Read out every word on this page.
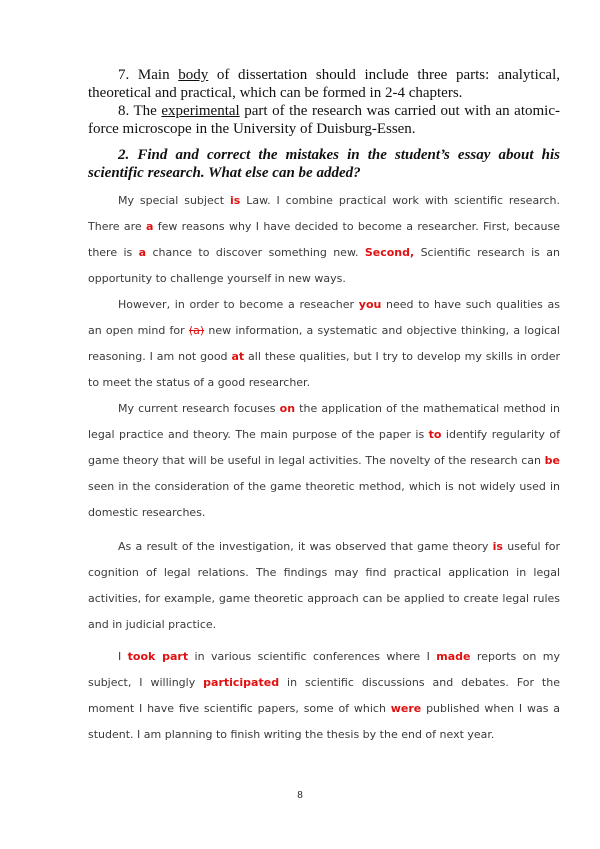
7. Main body of dissertation should include three parts: analytical, theoretical and practical, which can be formed in 2-4 chapters.
8. The experimental part of the research was carried out with an atomic-force microscope in the University of Duisburg-Essen.
2. Find and correct the mistakes in the student’s essay about his scientific research. What else can be added?

My special subject is Law. I combine practical work with scientific research. There are a few reasons why I have decided to become a researcher. First, because there is a chance to discover something new. Second, Scientific research is an opportunity to challenge yourself in new ways.

However, in order to become a reseacher you need to have such qualities as an open mind for (a) new information, a systematic and objective thinking, a logical reasoning. I am not good at all these qualities, but I try to develop my skills in order to meet the status of a good researcher.

My current research focuses on the application of the mathematical method in legal practice and theory. The main purpose of the paper is to identify regularity of game theory that will be useful in legal activities. The novelty of the research can be seen in the consideration of the game theoretic method, which is not widely used in domestic researches.

As a result of the investigation, it was observed that game theory is useful for cognition of legal relations. The findings may find practical application in legal activities, for example, game theoretic approach can be applied to create legal rules and in judicial practice.

I took part in various scientific conferences where I made reports on my subject, I willingly participated in scientific discussions and debates. For the moment I have five scientific papers, some of which were published when I was a student. I am planning to finish writing the thesis by the end of next year.

8
